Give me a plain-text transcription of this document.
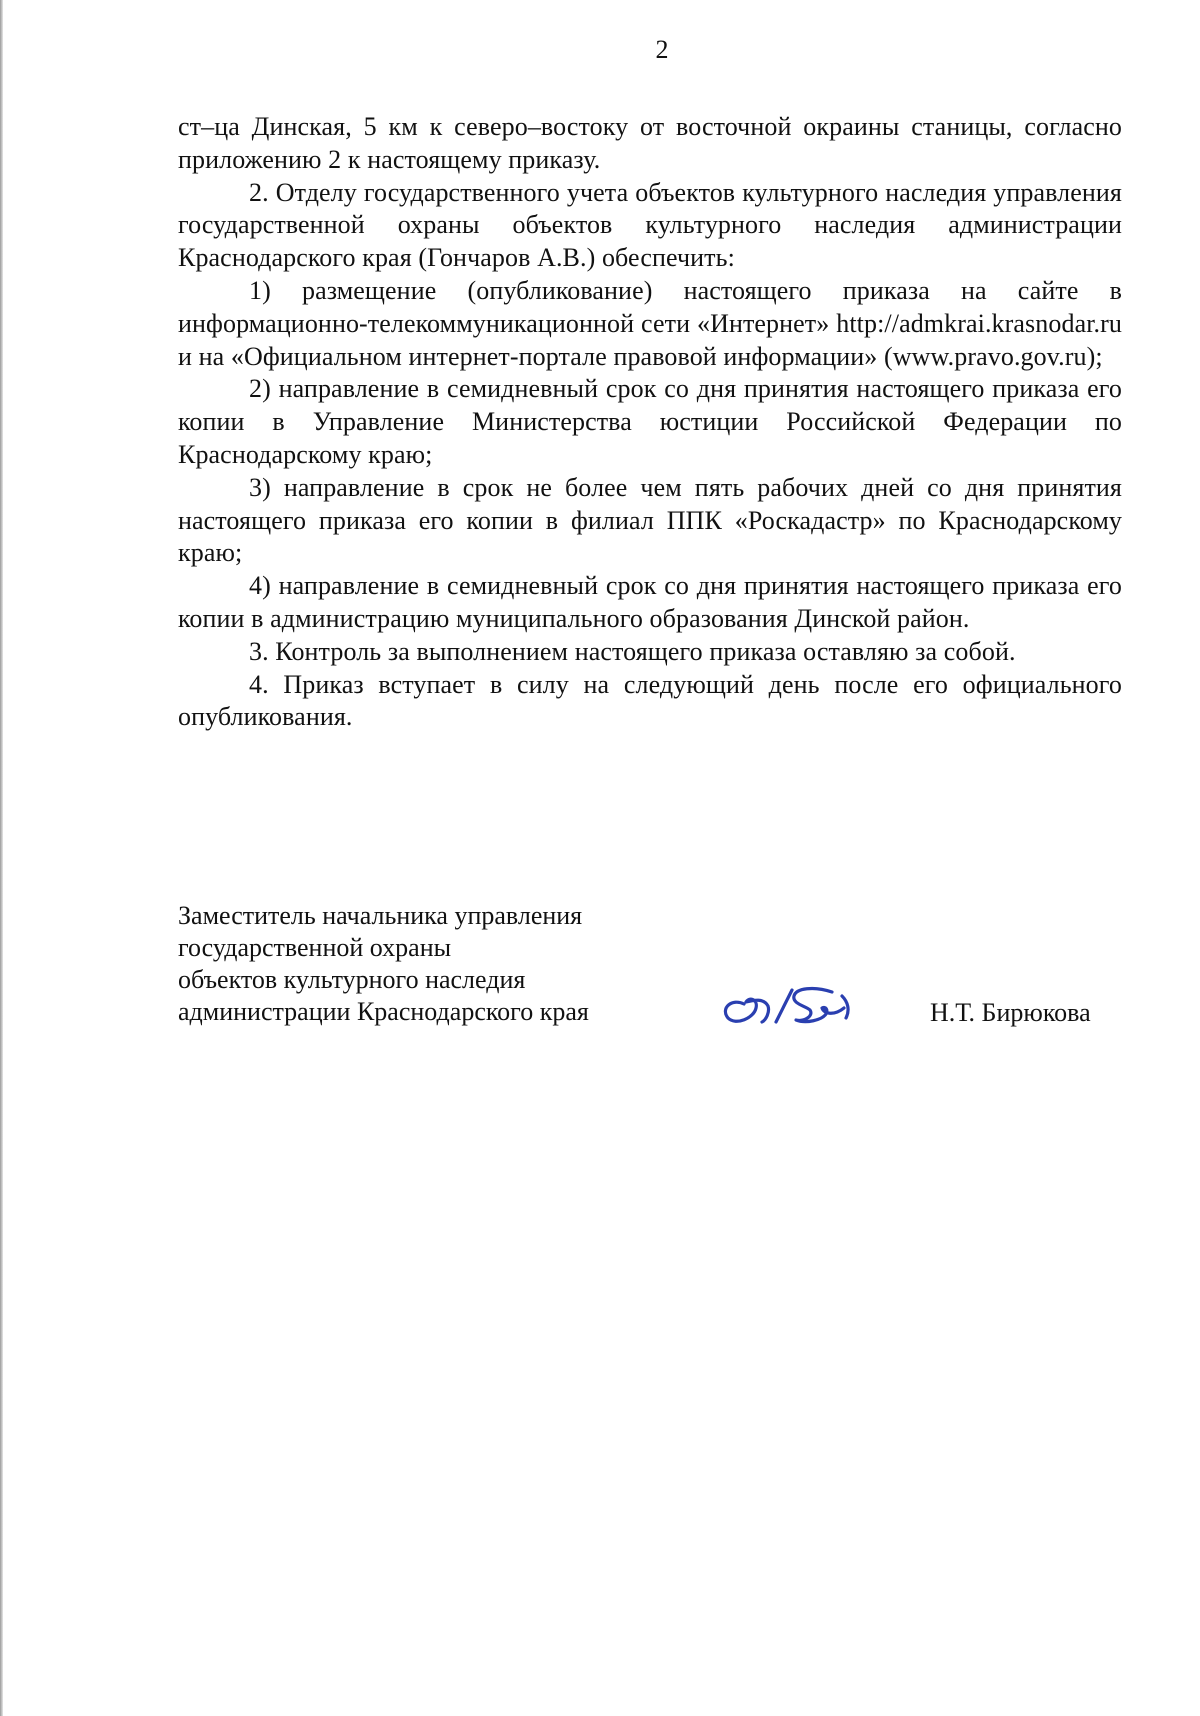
2

ст–ца Динская, 5 км к северо–востоку от восточной окраины станицы, согласно приложению 2 к настоящему приказу.

2. Отделу государственного учета объектов культурного наследия управления государственной охраны объектов культурного наследия администрации Краснодарского края (Гончаров А.В.) обеспечить:

1) размещение (опубликование) настоящего приказа на сайте в информационно-телекоммуникационной сети «Интернет» http://admkrai.krasnodar.ru и на «Официальном интернет-портале правовой информации» (www.pravo.gov.ru);

2) направление в семидневный срок со дня принятия настоящего приказа его копии в Управление Министерства юстиции Российской Федерации по Краснодарскому краю;

3) направление в срок не более чем пять рабочих дней со дня принятия настоящего приказа его копии в филиал ППК «Роскадастр» по Краснодарскому краю;

4) направление в семидневный срок со дня принятия настоящего приказа его копии в администрацию муниципального образования Динской район.

3. Контроль за выполнением настоящего приказа оставляю за собой.

4. Приказ вступает в силу на следующий день после его официального опубликования.

Заместитель начальника управления
государственной охраны
объектов культурного наследия
администрации Краснодарского края	Н.Т. Бирюкова
